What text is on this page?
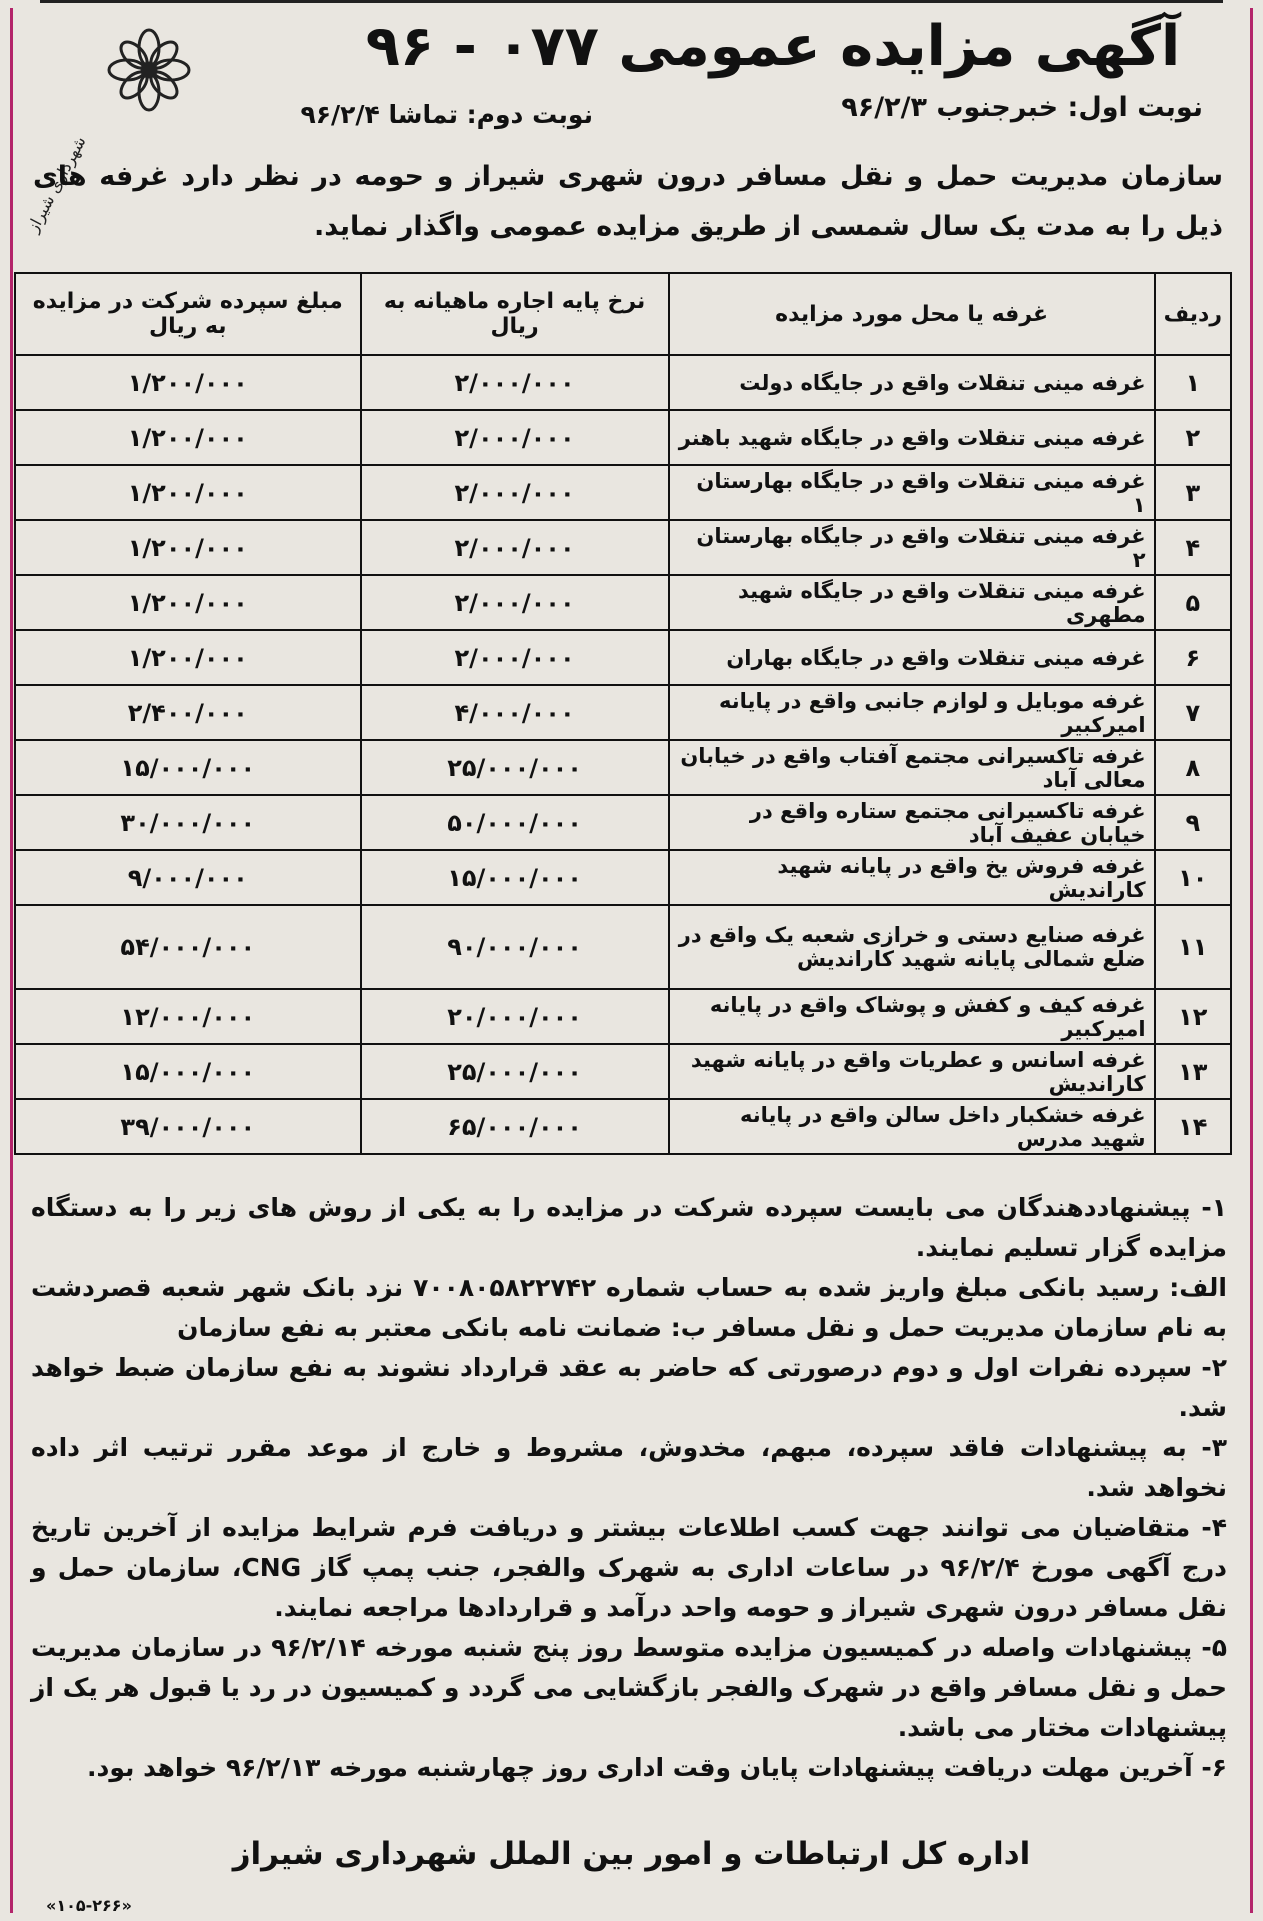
شهرداری شیراز
آگهی مزایده عمومی ۰۷۷ - ۹۶
نوبت اول: خبرجنوب ۹۶/۲/۳
نوبت دوم: تماشا ۹۶/۲/۴
سازمان مدیریت حمل و نقل مسافر درون شهری شیراز و حومه در نظر دارد غرفه های ذیل را به مدت یک سال شمسی از طریق مزایده عمومی واگذار نماید.
ردیف	غرفه یا محل مورد مزایده	نرخ پایه اجاره ماهیانه به ریال	مبلغ سپرده شرکت در مزایده به ریال
۱	غرفه مینی تنقلات واقع در جایگاه دولت	۲/۰۰۰/۰۰۰	۱/۲۰۰/۰۰۰
۲	غرفه مینی تنقلات واقع در جایگاه شهید باهنر	۲/۰۰۰/۰۰۰	۱/۲۰۰/۰۰۰
۳	غرفه مینی تنقلات واقع در جایگاه بهارستان ۱	۲/۰۰۰/۰۰۰	۱/۲۰۰/۰۰۰
۴	غرفه مینی تنقلات واقع در جایگاه بهارستان ۲	۲/۰۰۰/۰۰۰	۱/۲۰۰/۰۰۰
۵	غرفه مینی تنقلات واقع در جایگاه شهید مطهری	۲/۰۰۰/۰۰۰	۱/۲۰۰/۰۰۰
۶	غرفه مینی تنقلات واقع در جایگاه بهاران	۲/۰۰۰/۰۰۰	۱/۲۰۰/۰۰۰
۷	غرفه موبایل و لوازم جانبی واقع در پایانه امیرکبیر	۴/۰۰۰/۰۰۰	۲/۴۰۰/۰۰۰
۸	غرفه تاکسیرانی مجتمع آفتاب واقع در خیابان معالی آباد	۲۵/۰۰۰/۰۰۰	۱۵/۰۰۰/۰۰۰
۹	غرفه تاکسیرانی مجتمع ستاره واقع در خیابان عفیف آباد	۵۰/۰۰۰/۰۰۰	۳۰/۰۰۰/۰۰۰
۱۰	غرفه فروش یخ واقع در پایانه شهید کاراندیش	۱۵/۰۰۰/۰۰۰	۹/۰۰۰/۰۰۰
۱۱	غرفه صنایع دستی و خرازی شعبه یک واقع در ضلع شمالی پایانه شهید کاراندیش	۹۰/۰۰۰/۰۰۰	۵۴/۰۰۰/۰۰۰
۱۲	غرفه کیف و کفش و پوشاک واقع در پایانه امیرکبیر	۲۰/۰۰۰/۰۰۰	۱۲/۰۰۰/۰۰۰
۱۳	غرفه اسانس و عطریات واقع در پایانه شهید کاراندیش	۲۵/۰۰۰/۰۰۰	۱۵/۰۰۰/۰۰۰
۱۴	غرفه خشکبار داخل سالن واقع در پایانه شهید مدرس	۶۵/۰۰۰/۰۰۰	۳۹/۰۰۰/۰۰۰

۱- پیشنهاددهندگان می بایست سپرده شرکت در مزایده را به یکی از روش های زیر را به دستگاه مزایده گزار تسلیم نمایند.

الف: رسید بانکی مبلغ واریز شده به حساب شماره ۷۰۰۸۰۵۸۲۲۷۴۲ نزد بانک شهر شعبه قصردشت به نام سازمان مدیریت حمل و نقل مسافر ب: ضمانت نامه بانکی معتبر به نفع سازمان

۲- سپرده نفرات اول و دوم درصورتی که حاضر به عقد قرارداد نشوند به نفع سازمان ضبط خواهد شد.

۳- به پیشنهادات فاقد سپرده، مبهم، مخدوش، مشروط و خارج از موعد مقرر ترتیب اثر داده نخواهد شد.

۴- متقاضیان می توانند جهت کسب اطلاعات بیشتر و دریافت فرم شرایط مزایده از آخرین تاریخ درج آگهی مورخ ۹۶/۲/۴ در ساعات اداری به شهرک والفجر، جنب پمپ گاز CNG، سازمان حمل و نقل مسافر درون شهری شیراز و حومه واحد درآمد و قراردادها مراجعه نمایند.

۵- پیشنهادات واصله در کمیسیون مزایده متوسط روز پنج شنبه مورخه ۹۶/۲/۱۴ در سازمان مدیریت حمل و نقل مسافر واقع در شهرک والفجر بازگشایی می گردد و کمیسیون در رد یا قبول هر یک از پیشنهادات مختار می باشد.

۶- آخرین مهلت دریافت پیشنهادات پایان وقت اداری روز چهارشنبه مورخه ۹۶/۲/۱۳ خواهد بود.

اداره کل ارتباطات و امور بین الملل شهرداری شیراز
«۱۰۵-۲۶۶»
